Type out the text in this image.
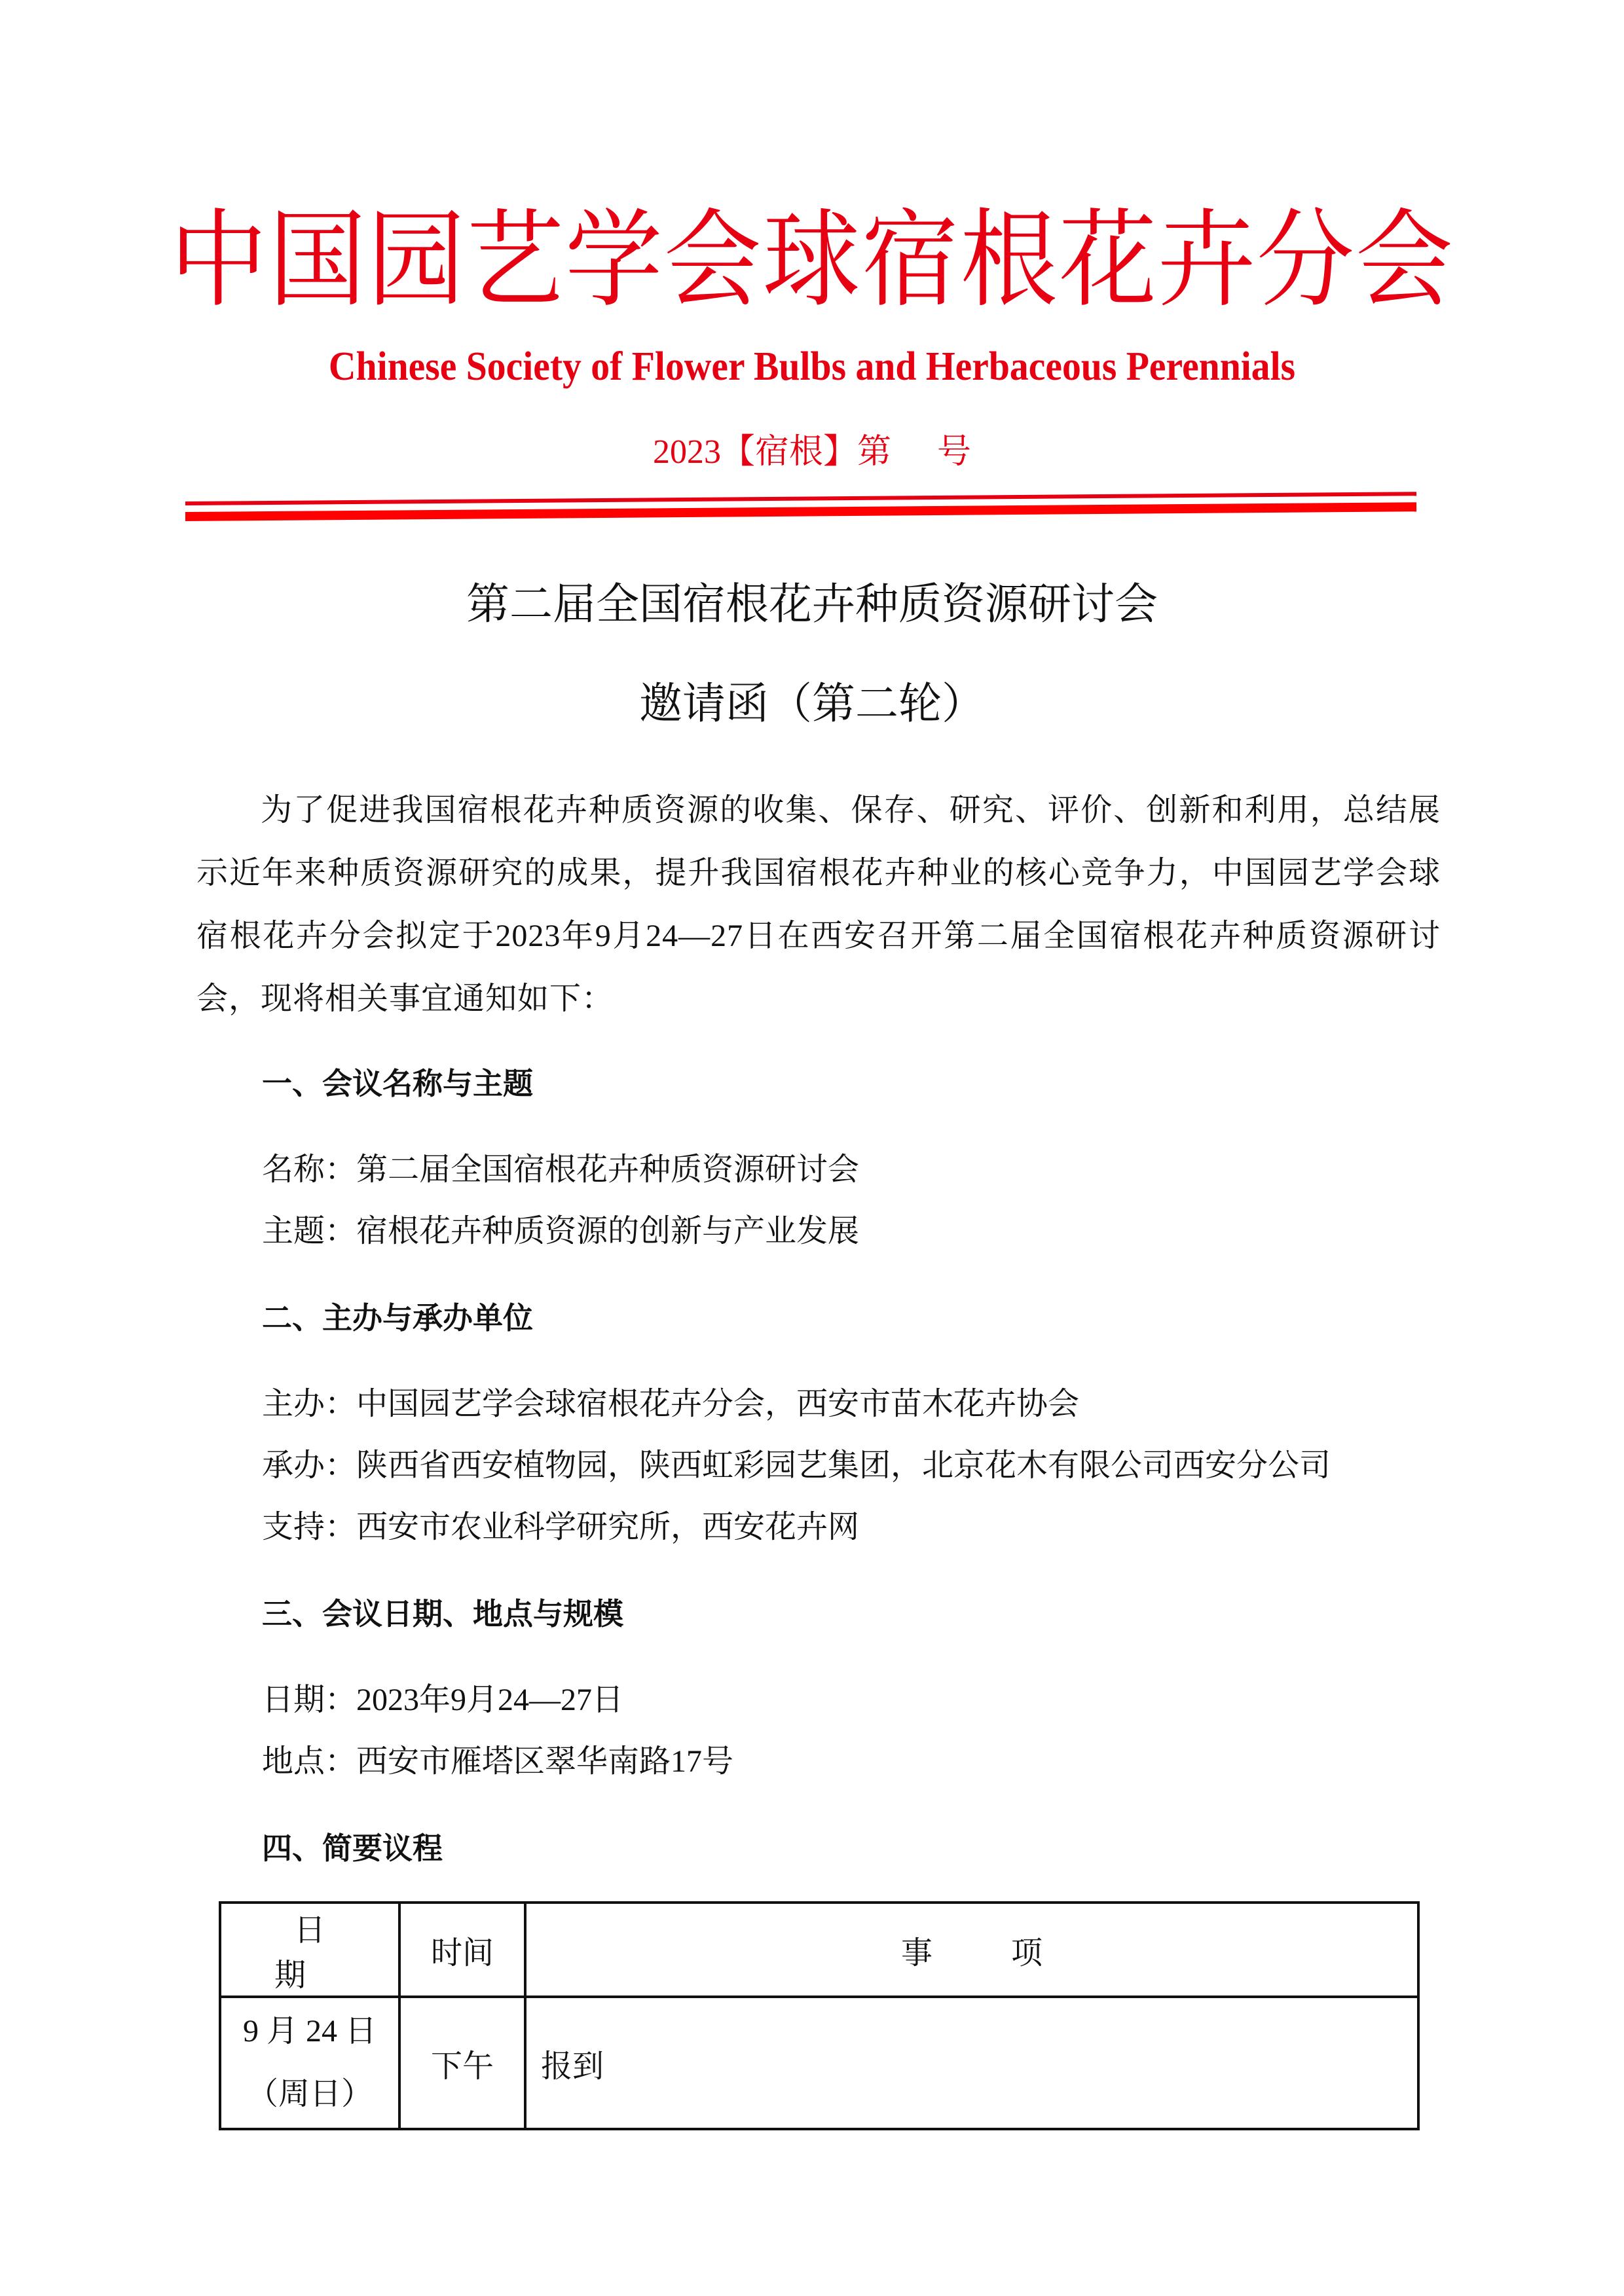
中国园艺学会球宿根花卉分会
Chinese Society of Flower Bulbs and Herbaceous Perennials
2023【宿根】第 号
第二届全国宿根花卉种质资源研讨会
邀请函（第二轮）
为了促进我国宿根花卉种质资源的收集、保存、研究、评价、创新和利用，总结展示近年来种质资源研究的成果，提升我国宿根花卉种业的核心竞争力，中国园艺学会球宿根花卉分会拟定于2023年9月24—27日在西安召开第二届全国宿根花卉种质资源研讨会，现将相关事宜通知如下：
一、会议名称与主题
名称：第二届全国宿根花卉种质资源研讨会
主题：宿根花卉种质资源的创新与产业发展
二、主办与承办单位
主办：中国园艺学会球宿根花卉分会，西安市苗木花卉协会
承办：陕西省西安植物园，陕西虹彩园艺集团，北京花木有限公司西安分公司
支持：西安市农业科学研究所，西安花卉网
三、会议日期、地点与规模
日期：2023年9月24—27日
地点：西安市雁塔区翠华南路17号
四、简要议程
日期	时间	事项

9 月 24 日
（周日）	下午	报到
